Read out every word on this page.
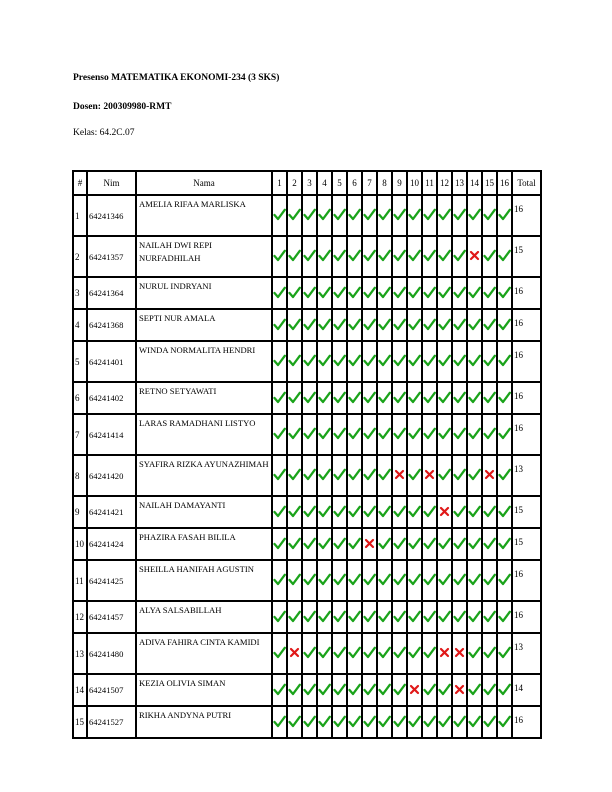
Presenso MATEMATIKA EKONOMI-234 (3 SKS)
Dosen: 200309980-RMT
Kelas: 64.2C.07
#	Nim	Nama	1	2	3	4	5	6	7	8	9	10	11	12	13	14	15	16	Total
1	64241346	AMELIA RIFAA MARLISKA																	16
2	64241357	NAILAH DWI REPI NURFADHILAH																	15
3	64241364	NURUL INDRYANI																	16
4	64241368	SEPTI NUR AMALA																	16
5	64241401	WINDA NORMALITA HENDRI																	16
6	64241402	RETNO SETYAWATI																	16
7	64241414	LARAS RAMADHANI LISTYO																	16
8	64241420	SYAFIRA RIZKA AYUNAZHIMAH																	13
9	64241421	NAILAH DAMAYANTI																	15
10	64241424	PHAZIRA FASAH BILILA																	15
11	64241425	SHEILLA HANIFAH AGUSTIN																	16
12	64241457	ALYA SALSABILLAH																	16
13	64241480	ADIVA FAHIRA CINTA KAMIDI																	13
14	64241507	KEZIA OLIVIA SIMAN																	14
15	64241527	RIKHA ANDYNA PUTRI																	16
